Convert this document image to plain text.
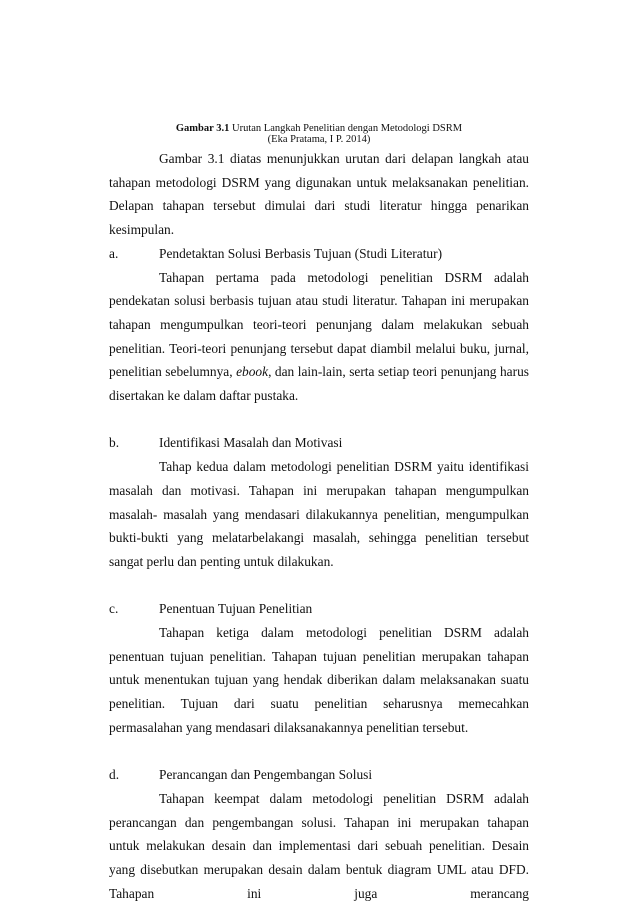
Gambar 3.1 Urutan Langkah Penelitian dengan Metodologi DSRM
(Eka Pratama, I P. 2014)

Gambar 3.1 diatas menunjukkan urutan dari delapan langkah atau tahapan metodologi DSRM yang digunakan untuk melaksanakan penelitian. Delapan tahapan tersebut dimulai dari studi literatur hingga penarikan kesimpulan.

a.	Pendetaktan Solusi Berbasis Tujuan (Studi Literatur)

Tahapan pertama pada metodologi penelitian DSRM adalah pendekatan solusi berbasis tujuan atau studi literatur. Tahapan ini merupakan tahapan mengumpulkan teori-teori penunjang dalam melakukan sebuah penelitian. Teori-teori penunjang tersebut dapat diambil melalui buku, jurnal, penelitian sebelumnya, ebook, dan lain-lain, serta setiap teori penunjang harus disertakan ke dalam daftar pustaka.

b.	Identifikasi Masalah dan Motivasi

Tahap kedua dalam metodologi penelitian DSRM yaitu identifikasi masalah dan motivasi. Tahapan ini merupakan tahapan mengumpulkan masalah- masalah yang mendasari dilakukannya penelitian, mengumpulkan bukti-bukti yang melatarbelakangi masalah, sehingga penelitian tersebut sangat perlu dan penting untuk dilakukan.

c.	Penentuan Tujuan Penelitian

Tahapan ketiga dalam metodologi penelitian DSRM adalah penentuan tujuan penelitian. Tahapan tujuan penelitian merupakan tahapan untuk menentukan tujuan yang hendak diberikan dalam melaksanakan suatu penelitian. Tujuan dari suatu penelitian seharusnya memecahkan permasalahan yang mendasari dilaksanakannya penelitian tersebut.

d.	Perancangan dan Pengembangan Solusi

Tahapan keempat dalam metodologi penelitian DSRM adalah perancangan dan pengembangan solusi. Tahapan ini merupakan tahapan untuk melakukan desain dan implementasi dari sebuah penelitian. Desain yang disebutkan merupakan desain dalam bentuk diagram UML atau DFD. Tahapan ini juga merancang
